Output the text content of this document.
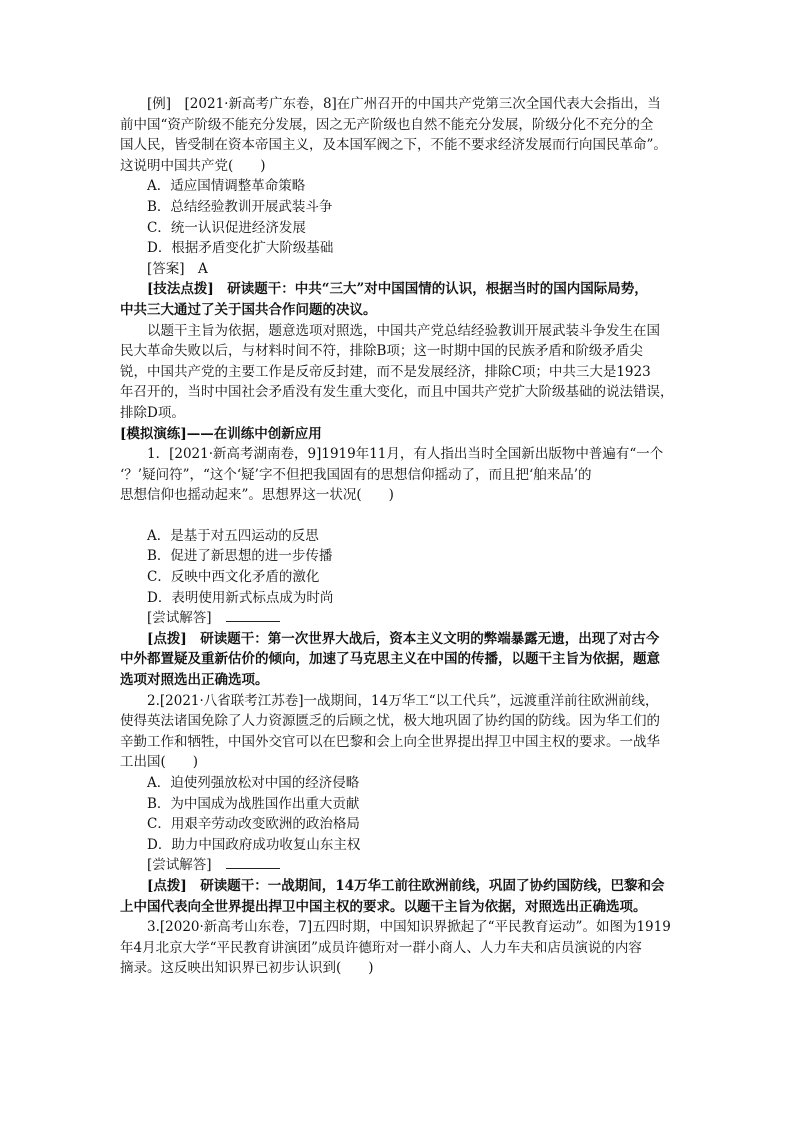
[例]　[2021·新高考广东卷，8]在广州召开的中国共产党第三次全国代表大会指出，当
前中国“资产阶级不能充分发展，因之无产阶级也自然不能充分发展，阶级分化不充分的全
国人民，皆受制在资本帝国主义，及本国军阀之下，不能不要求经济发展而行向国民革命”。
这说明中国共产党(　　)
A．适应国情调整革命策略
B．总结经验教训开展武装斗争
C．统一认识促进经济发展
D．根据矛盾变化扩大阶级基础
[答案]　A
[技法点拨]　研读题干：中共“三大”对中国国情的认识，根据当时的国内国际局势，
中共三大通过了关于国共合作问题的决议。
以题干主旨为依据，题意选项对照选，中国共产党总结经验教训开展武装斗争发生在国
民大革命失败以后，与材料时间不符，排除B项；这一时期中国的民族矛盾和阶级矛盾尖
锐，中国共产党的主要工作是反帝反封建，而不是发展经济，排除C项；中共三大是1923
年召开的，当时中国社会矛盾没有发生重大变化，而且中国共产党扩大阶级基础的说法错误，
排除D项。
[模拟演练]——在训练中创新应用
1．[2021·新高考湖南卷，9]1919年11月，有人指出当时全国新出版物中普遍有“一个
‘？’疑问符”，“这个‘疑’字不但把我国固有的思想信仰摇动了，而且把‘舶来品’的
思想信仰也摇动起来”。思想界这一状况(　　)
A．是基于对五四运动的反思
B．促进了新思想的进一步传播
C．反映中西文化矛盾的激化
D．表明使用新式标点成为时尚
[尝试解答]
[点拨]　研读题干：第一次世界大战后，资本主义文明的弊端暴露无遗，出现了对古今
中外都置疑及重新估价的倾向，加速了马克思主义在中国的传播，以题干主旨为依据，题意
选项对照选出正确选项。
2.[2021·八省联考江苏卷]一战期间，14万华工“以工代兵”，远渡重洋前往欧洲前线，
使得英法诸国免除了人力资源匮乏的后顾之忧，极大地巩固了协约国的防线。因为华工们的
辛勤工作和牺牲，中国外交官可以在巴黎和会上向全世界提出捍卫中国主权的要求。一战华
工出国(　　)
A．迫使列强放松对中国的经济侵略
B．为中国成为战胜国作出重大贡献
C．用艰辛劳动改变欧洲的政治格局
D．助力中国政府成功收复山东主权
[尝试解答]
[点拨]　研读题干：一战期间，14万华工前往欧洲前线，巩固了协约国防线，巴黎和会
上中国代表向全世界提出捍卫中国主权的要求。以题干主旨为依据，对照选出正确选项。
3.[2020·新高考山东卷，7]五四时期，中国知识界掀起了“平民教育运动”。如图为1919
年4月北京大学“平民教育讲演团”成员许德珩对一群小商人、人力车夫和店员演说的内容
摘录。这反映出知识界已初步认识到(　　)
